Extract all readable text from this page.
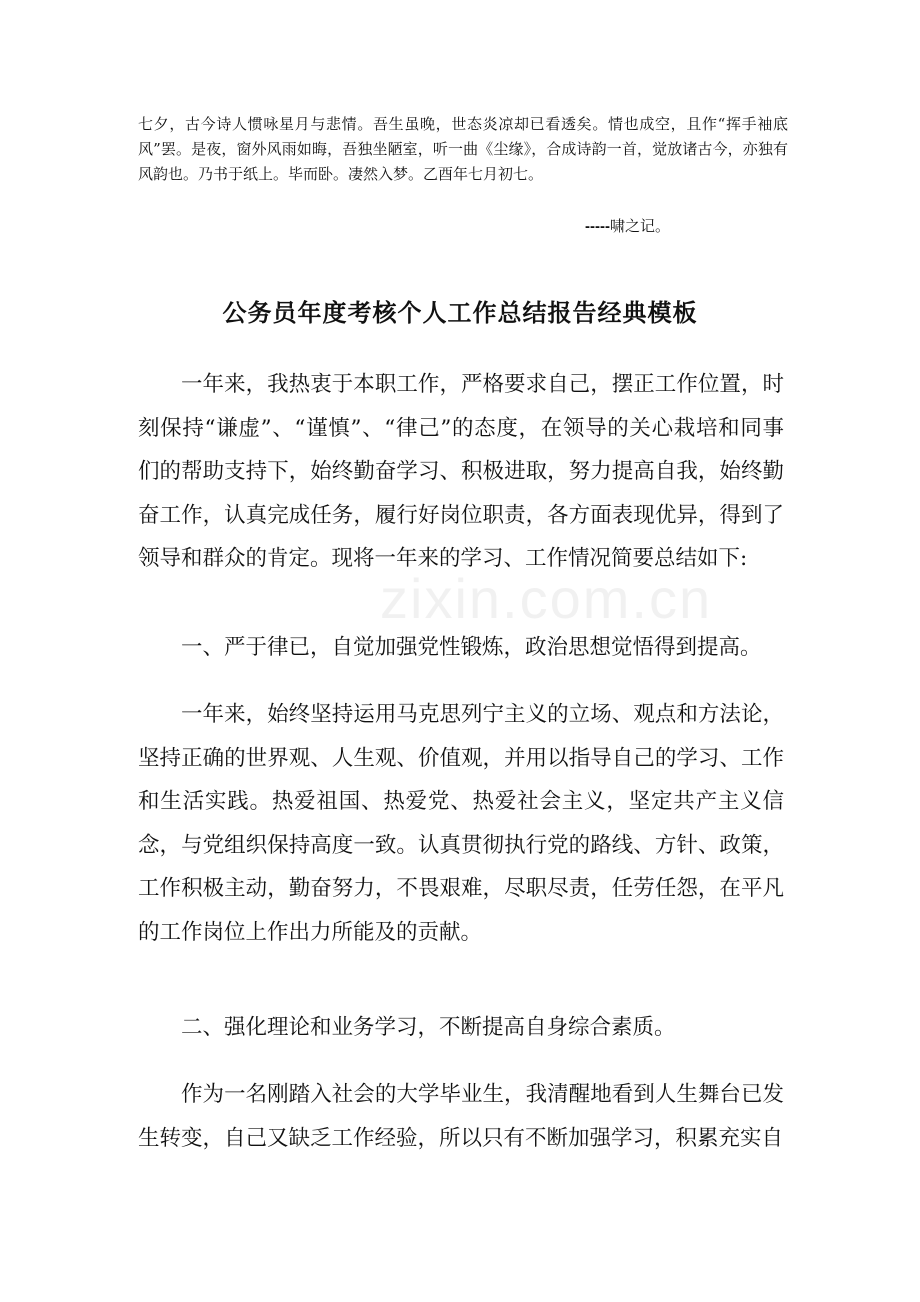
七夕，古今诗人惯咏星月与悲情。吾生虽晚，世态炎凉却已看透矣。情也成空，且作“挥手袖底风”罢。是夜，窗外风雨如晦，吾独坐陋室，听一曲《尘缘》，合成诗韵一首，觉放诸古今，亦独有风韵也。乃书于纸上。毕而卧。凄然入梦。乙酉年七月初七。

-----啸之记。

公务员年度考核个人工作总结报告经典模板

一年来，我热衷于本职工作，严格要求自己，摆正工作位置，时刻保持“谦虚”、“谨慎”、“律己”的态度，在领导的关心栽培和同事们的帮助支持下，始终勤奋学习、积极进取，努力提高自我，始终勤奋工作，认真完成任务，履行好岗位职责，各方面表现优异，得到了领导和群众的肯定。现将一年来的学习、工作情况简要总结如下:

zixin.com.cn

一、严于律已，自觉加强党性锻炼，政治思想觉悟得到提高。

一年来，始终坚持运用马克思列宁主义的立场、观点和方法论，坚持正确的世界观、人生观、价值观，并用以指导自己的学习、工作和生活实践。热爱祖国、热爱党、热爱社会主义，坚定共产主义信念，与党组织保持高度一致。认真贯彻执行党的路线、方针、政策，工作积极主动，勤奋努力，不畏艰难，尽职尽责，任劳任怨，在平凡的工作岗位上作出力所能及的贡献。

二、强化理论和业务学习，不断提高自身综合素质。

作为一名刚踏入社会的大学毕业生，我清醒地看到人生舞台已发生转变，自己又缺乏工作经验，所以只有不断加强学习，积累充实自
